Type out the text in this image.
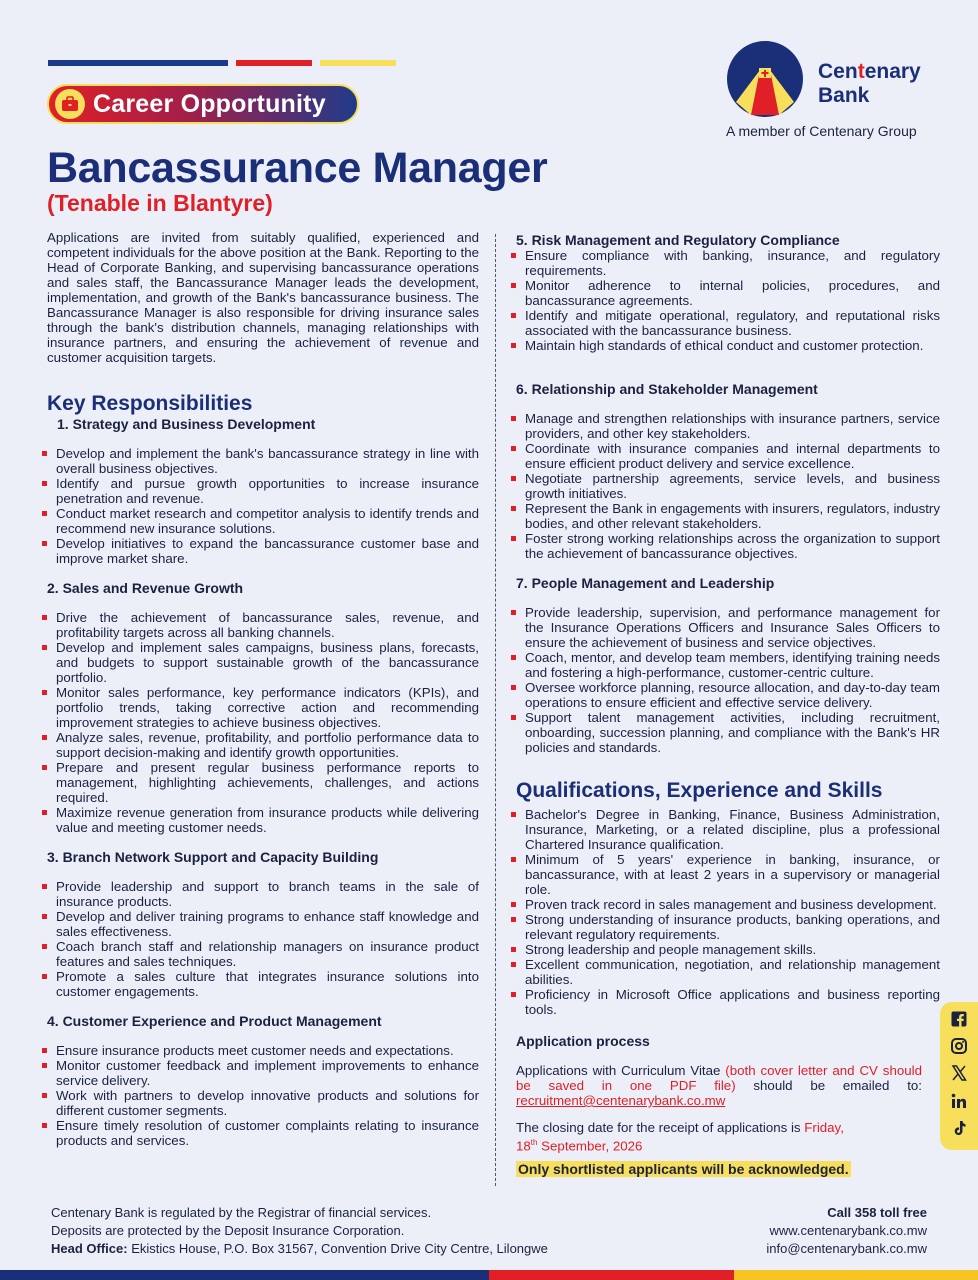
Career Opportunity
Centenary
Bank
A member of Centenary Group
Bancassurance Manager
(Tenable in Blantyre)

Applications are invited from suitably qualified, experienced and competent individuals for the above position at the Bank. Reporting to the Head of Corporate Banking, and supervising bancassurance operations and sales staff, the Bancassurance Manager leads the development, implementation, and growth of the Bank's bancassurance business. The Bancassurance Manager is also responsible for driving insurance sales through the bank's distribution channels, managing relationships with insurance partners, and ensuring the achievement of revenue and customer acquisition targets.

Key Responsibilities
1. Strategy and Business Development
Develop and implement the bank's bancassurance strategy in line with overall business objectives.
Identify and pursue growth opportunities to increase insurance penetration and revenue.
Conduct market research and competitor analysis to identify trends and recommend new insurance solutions.
Develop initiatives to expand the bancassurance customer base and improve market share.
2. Sales and Revenue Growth
Drive the achievement of bancassurance sales, revenue, and profitability targets across all banking channels.
Develop and implement sales campaigns, business plans, forecasts, and budgets to support sustainable growth of the bancassurance portfolio.
Monitor sales performance, key performance indicators (KPIs), and portfolio trends, taking corrective action and recommending improvement strategies to achieve business objectives.
Analyze sales, revenue, profitability, and portfolio performance data to support decision-making and identify growth opportunities.
Prepare and present regular business performance reports to management, highlighting achievements, challenges, and actions required.
Maximize revenue generation from insurance products while delivering value and meeting customer needs.
3. Branch Network Support and Capacity Building
Provide leadership and support to branch teams in the sale of insurance products.
Develop and deliver training programs to enhance staff knowledge and sales effectiveness.
Coach branch staff and relationship managers on insurance product features and sales techniques.
Promote a sales culture that integrates insurance solutions into customer engagements.
4. Customer Experience and Product Management
Ensure insurance products meet customer needs and expectations.
Monitor customer feedback and implement improvements to enhance service delivery.
Work with partners to develop innovative products and solutions for different customer segments.
Ensure timely resolution of customer complaints relating to insurance products and services.
5. Risk Management and Regulatory Compliance
Ensure compliance with banking, insurance, and regulatory requirements.
Monitor adherence to internal policies, procedures, and bancassurance agreements.
Identify and mitigate operational, regulatory, and reputational risks associated with the bancassurance business.
Maintain high standards of ethical conduct and customer protection.
6. Relationship and Stakeholder Management
Manage and strengthen relationships with insurance partners, service providers, and other key stakeholders.
Coordinate with insurance companies and internal departments to ensure efficient product delivery and service excellence.
Negotiate partnership agreements, service levels, and business growth initiatives.
Represent the Bank in engagements with insurers, regulators, industry bodies, and other relevant stakeholders.
Foster strong working relationships across the organization to support the achievement of bancassurance objectives.
7. People Management and Leadership
Provide leadership, supervision, and performance management for the Insurance Operations Officers and Insurance Sales Officers to ensure the achievement of business and service objectives.
Coach, mentor, and develop team members, identifying training needs and fostering a high-performance, customer-centric culture.
Oversee workforce planning, resource allocation, and day-to-day team operations to ensure efficient and effective service delivery.
Support talent management activities, including recruitment, onboarding, succession planning, and compliance with the Bank's HR policies and standards.
Qualifications, Experience and Skills
Bachelor's Degree in Banking, Finance, Business Administration, Insurance, Marketing, or a related discipline, plus a professional Chartered Insurance qualification.
Minimum of 5 years' experience in banking, insurance, or bancassurance, with at least 2 years in a supervisory or managerial role.
Proven track record in sales management and business development.
Strong understanding of insurance products, banking operations, and relevant regulatory requirements.
Strong leadership and people management skills.
Excellent communication, negotiation, and relationship management abilities.
Proficiency in Microsoft Office applications and business reporting tools.
Application process

Applications with Curriculum Vitae (both cover letter and CV should be saved in one PDF file) should be emailed to: recruitment@centenarybank.co.mw

The closing date for the receipt of applications is Friday,
18th September, 2026

Only shortlisted applicants will be acknowledged.

Centenary Bank is regulated by the Registrar of financial services.
Deposits are protected by the Deposit Insurance Corporation.
Head Office: Ekistics House, P.O. Box 31567, Convention Drive City Centre, Lilongwe
Call 358 toll free
www.centenarybank.co.mw
info@centenarybank.co.mw
